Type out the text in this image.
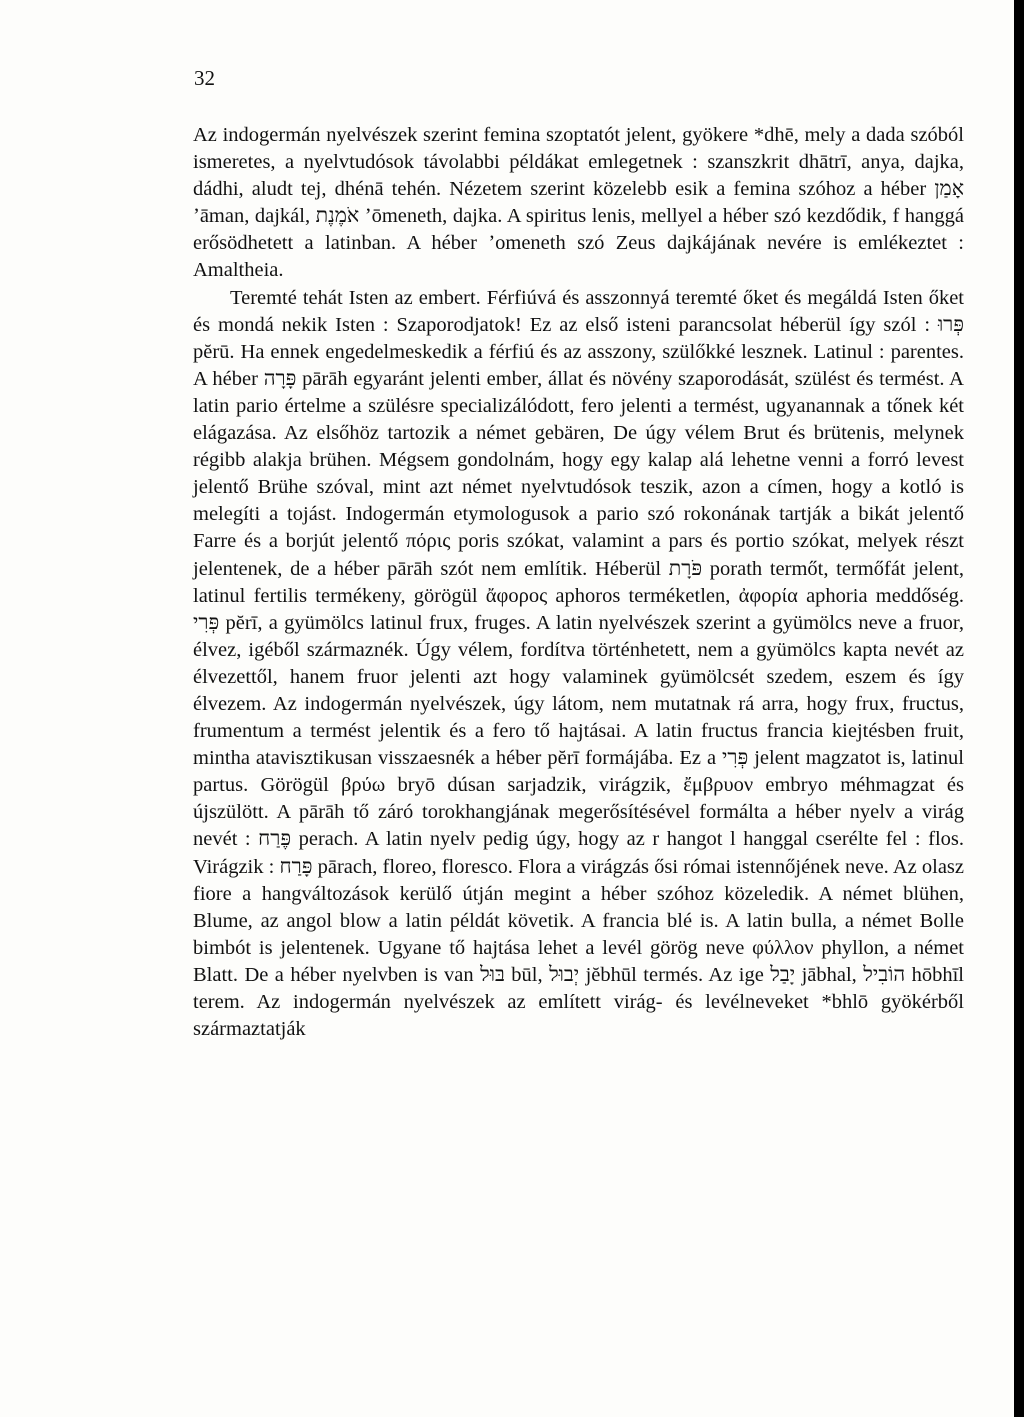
32

Az indogermán nyelvészek szerint femina szoptatót jelent, gyökere *dhē, mely a dada szóból ismeretes, a nyelvtudósok távolabbi példákat emlegetnek : szanszkrit dhātrī, anya, dajka, dádhi, aludt tej, dhénā tehén. Nézetem szerint közelebb esik a femina szóhoz a héber אָמַן ʼāman, dajkál, אֹמֶנֶת ʼōmeneth, dajka. A spiritus lenis, mellyel a héber szó kezdődik, f hanggá erősödhetett a latinban. A héber ʼomeneth szó Zeus dajkájának nevére is emlékeztet : Amaltheia.

Teremté tehát Isten az embert. Férfiúvá és asszonnyá teremté őket és megáldá Isten őket és mondá nekik Isten : Szaporodjatok! Ez az első isteni parancsolat héberül így szól : פְּרוּ pĕrū. Ha ennek engedelmeskedik a férfiú és az asszony, szülőkké lesznek. Latinul : parentes. A héber פָּרָה pārāh egyaránt jelenti ember, állat és növény szaporodását, szülést és termést. A latin pario értelme a szülésre specializálódott, fero jelenti a termést, ugyanannak a tőnek két elágazása. Az elsőhöz tartozik a német gebären, De úgy vélem Brut és brütenis, melynek régibb alakja brühen. Mégsem gondolnám, hogy egy kalap alá lehetne venni a forró levest jelentő Brühe szóval, mint azt német nyelvtudósok teszik, azon a címen, hogy a kotló is melegíti a tojást. Indogermán etymologusok a pario szó rokonának tartják a bikát jelentő Farre és a borjút jelentő πόρις poris szókat, valamint a pars és portio szókat, melyek részt jelentenek, de a héber pārāh szót nem említik. Héberül פֹּרָת porath termőt, termőfát jelent, latinul fertilis termékeny, görögül ἄφορος aphoros terméketlen, ἀφορία aphoria meddőség. פְּרִי pĕrī, a gyümölcs latinul frux, fruges. A latin nyelvészek szerint a gyümölcs neve a fruor, élvez, igéből származnék. Úgy vélem, fordítva történhetett, nem a gyümölcs kapta nevét az élvezettől, hanem fruor jelenti azt hogy valaminek gyümölcsét szedem, eszem és így élvezem. Az indogermán nyelvészek, úgy látom, nem mutatnak rá arra, hogy frux, fructus, frumentum a termést jelentik és a fero tő hajtásai. A latin fructus francia kiejtésben fruit, mintha atavisztikusan visszaesnék a héber pĕrī formájába. Ez a פְּרִי jelent magzatot is, latinul partus. Görögül βρύω bryō dúsan sarjadzik, virágzik, ἔμβρυον embryo méhmagzat és újszülött. A pārāh tő záró torokhangjának megerősítésével formálta a héber nyelv a virág nevét : פֶּרַח perach. A latin nyelv pedig úgy, hogy az r hangot l hanggal cserélte fel : flos. Virágzik : פָּרַח pārach, floreo, floresco. Flora a virágzás ősi római istennőjének neve. Az olasz fiore a hangváltozások kerülő útján megint a héber szóhoz közeledik. A német blühen, Blume, az angol blow a latin példát követik. A francia blé is. A latin bulla, a német Bolle bimbót is jelentenek. Ugyane tő hajtása lehet a levél görög neve φύλλον phyllon, a német Blatt. De a héber nyelvben is van בּוּל būl, יְבוּל jĕbhūl termés. Az ige יָבַל jābhal, הוֹבִיל hōbhīl terem. Az indogermán nyelvészek az említett virág- és levélneveket *bhlō gyökérből származtatják
